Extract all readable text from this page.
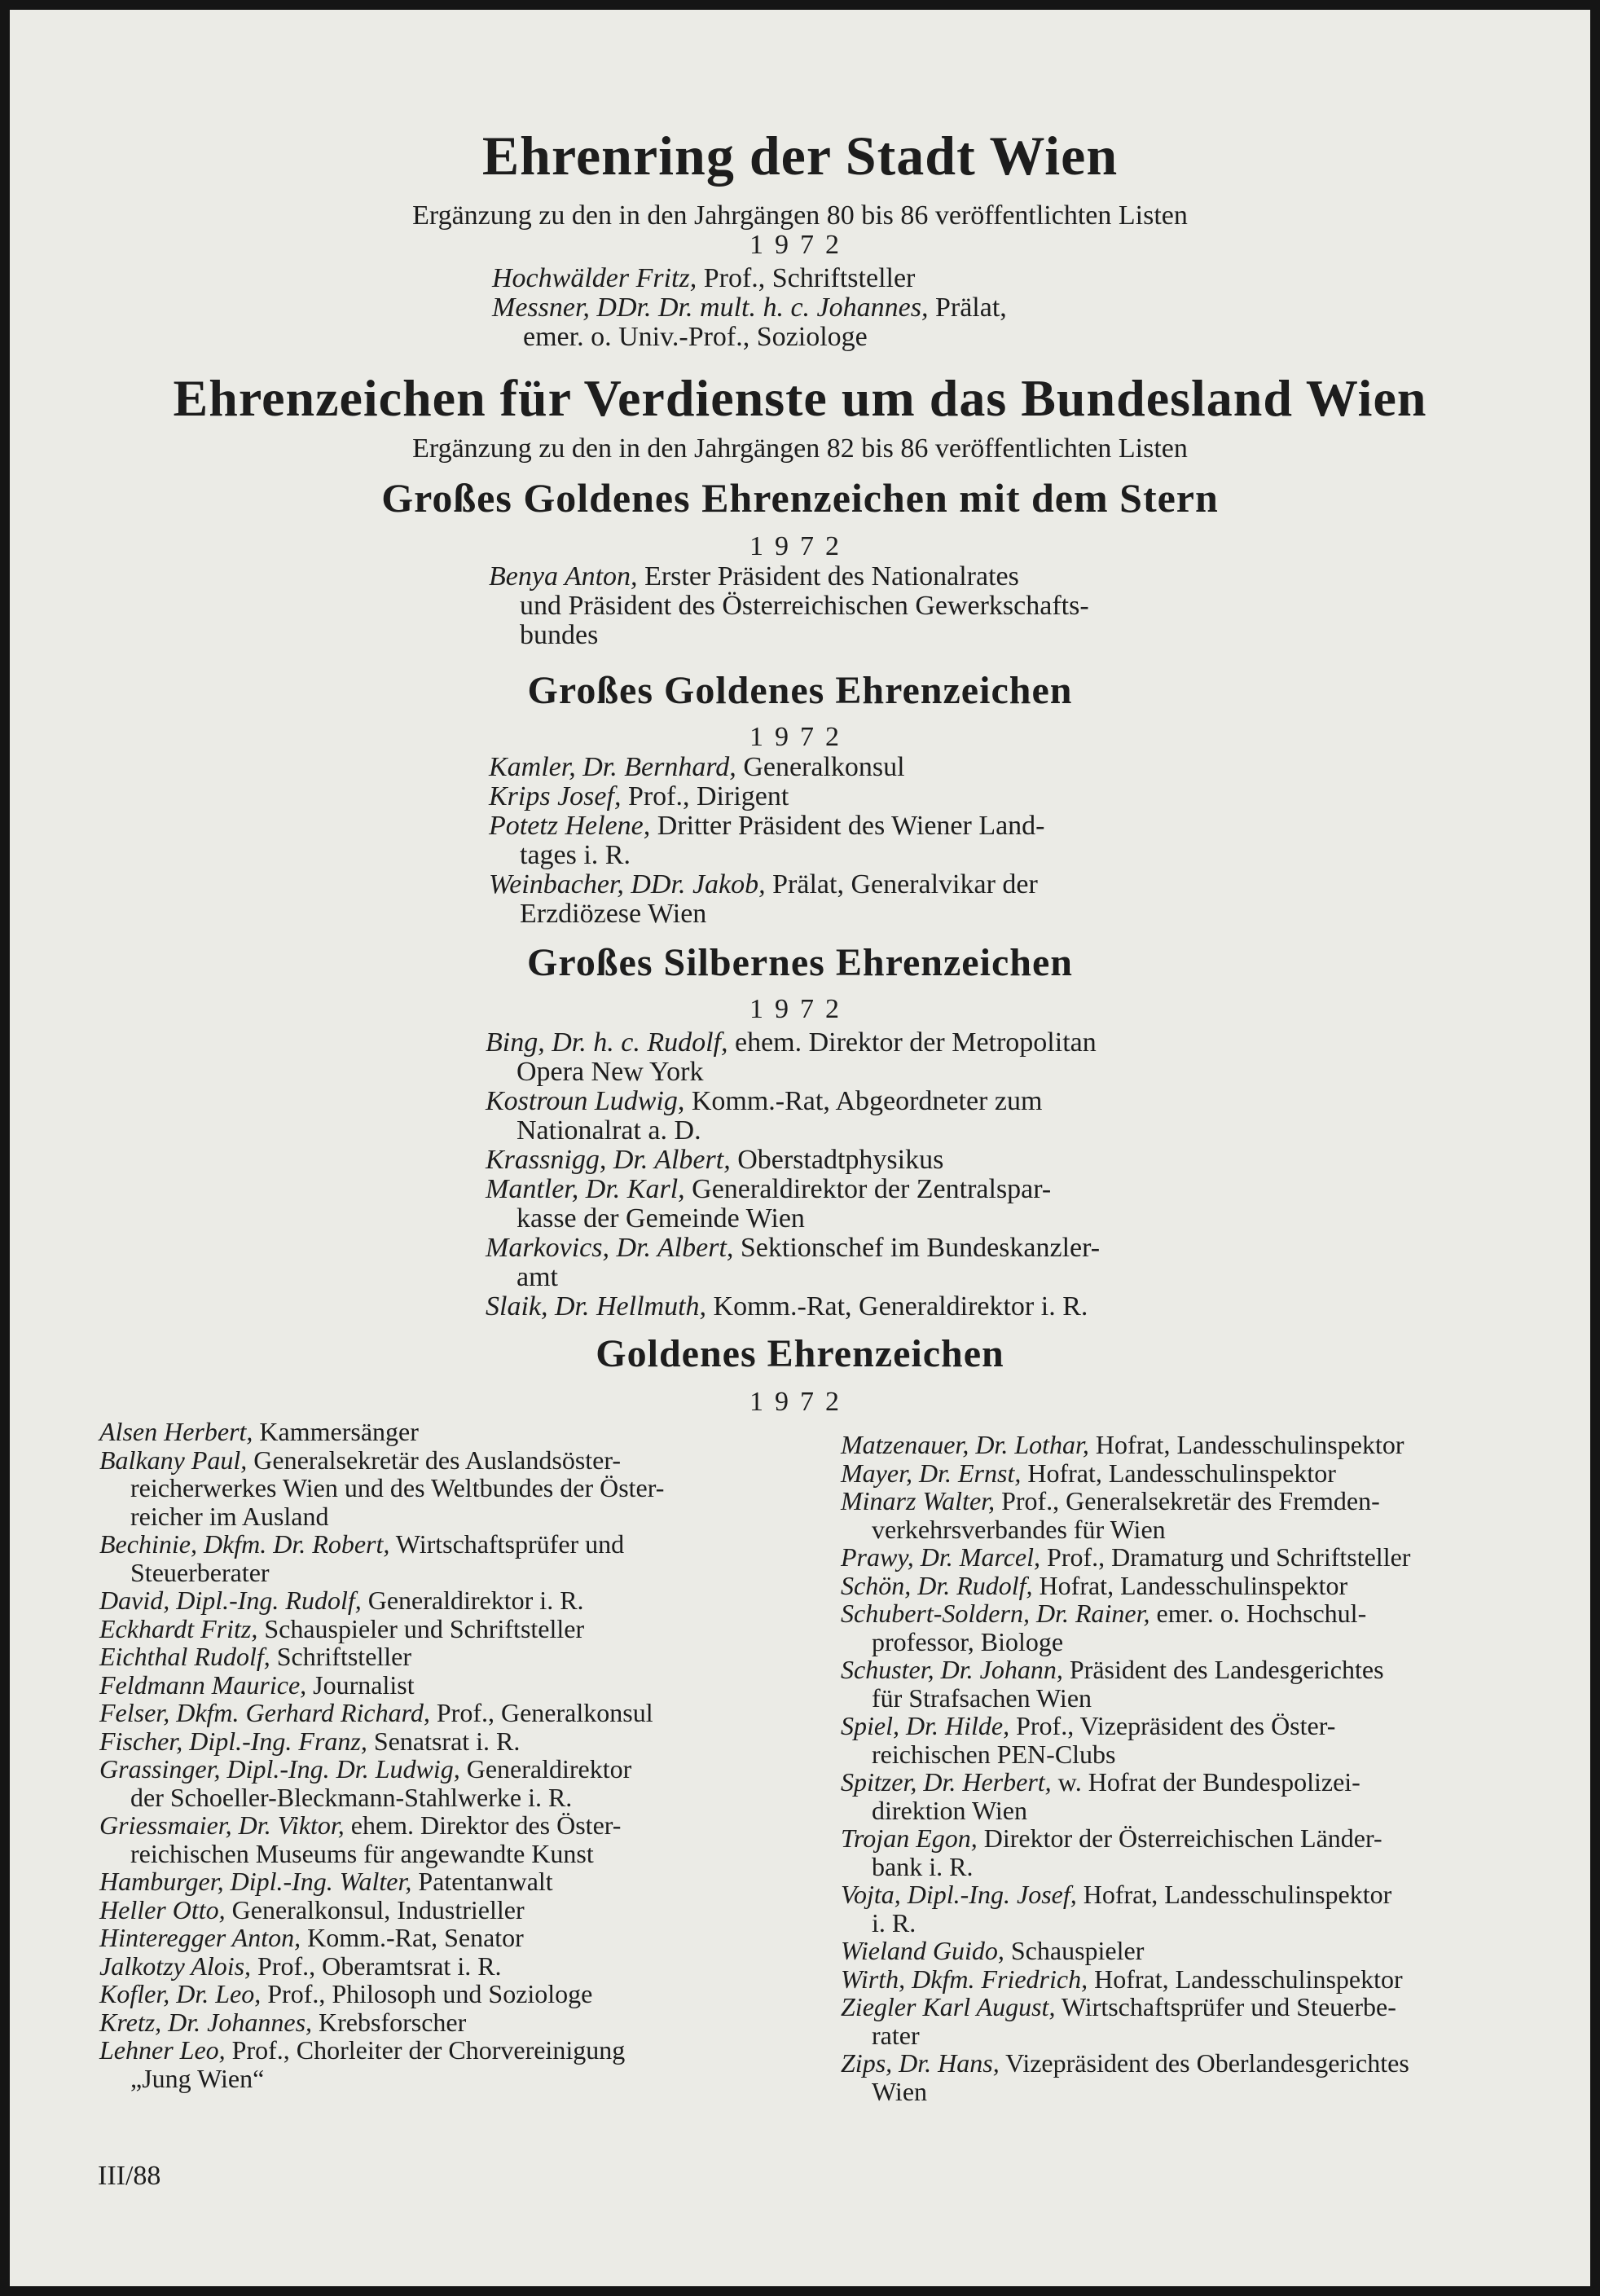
Ehrenring der Stadt Wien
Ergänzung zu den in den Jahrgängen 80 bis 86 veröffentlichten Listen
1972
Hochwälder Fritz, Prof., Schriftsteller
Messner, DDr. Dr. mult. h. c. Johannes, Prälat,
emer. o. Univ.-Prof., Soziologe
Ehrenzeichen für Verdienste um das Bundesland Wien
Ergänzung zu den in den Jahrgängen 82 bis 86 veröffentlichten Listen
Großes Goldenes Ehrenzeichen mit dem Stern
1972
Benya Anton, Erster Präsident des Nationalrates
und Präsident des Österreichischen Gewerkschafts-
bundes
Großes Goldenes Ehrenzeichen
1972
Kamler, Dr. Bernhard, Generalkonsul
Krips Josef, Prof., Dirigent
Potetz Helene, Dritter Präsident des Wiener Land-
tages i. R.
Weinbacher, DDr. Jakob, Prälat, Generalvikar der
Erzdiözese Wien
Großes Silbernes Ehrenzeichen
1972
Bing, Dr. h. c. Rudolf, ehem. Direktor der Metropolitan
Opera New York
Kostroun Ludwig, Komm.-Rat, Abgeordneter zum
Nationalrat a. D.
Krassnigg, Dr. Albert, Oberstadtphysikus
Mantler, Dr. Karl, Generaldirektor der Zentralspar-
kasse der Gemeinde Wien
Markovics, Dr. Albert, Sektionschef im Bundeskanzler-
amt
Slaik, Dr. Hellmuth, Komm.-Rat, Generaldirektor i. R.
Goldenes Ehrenzeichen
1972
Alsen Herbert, Kammersänger
Balkany Paul, Generalsekretär des Auslandsöster-
reicherwerkes Wien und des Weltbundes der Öster-
reicher im Ausland
Bechinie, Dkfm. Dr. Robert, Wirtschaftsprüfer und
Steuerberater
David, Dipl.-Ing. Rudolf, Generaldirektor i. R.
Eckhardt Fritz, Schauspieler und Schriftsteller
Eichthal Rudolf, Schriftsteller
Feldmann Maurice, Journalist
Felser, Dkfm. Gerhard Richard, Prof., Generalkonsul
Fischer, Dipl.-Ing. Franz, Senatsrat i. R.
Grassinger, Dipl.-Ing. Dr. Ludwig, Generaldirektor
der Schoeller-Bleckmann-Stahlwerke i. R.
Griessmaier, Dr. Viktor, ehem. Direktor des Öster-
reichischen Museums für angewandte Kunst
Hamburger, Dipl.-Ing. Walter, Patentanwalt
Heller Otto, Generalkonsul, Industrieller
Hinteregger Anton, Komm.-Rat, Senator
Jalkotzy Alois, Prof., Oberamtsrat i. R.
Kofler, Dr. Leo, Prof., Philosoph und Soziologe
Kretz, Dr. Johannes, Krebsforscher
Lehner Leo, Prof., Chorleiter der Chorvereinigung
„Jung Wien“
Matzenauer, Dr. Lothar, Hofrat, Landesschulinspektor
Mayer, Dr. Ernst, Hofrat, Landesschulinspektor
Minarz Walter, Prof., Generalsekretär des Fremden-
verkehrsverbandes für Wien
Prawy, Dr. Marcel, Prof., Dramaturg und Schriftsteller
Schön, Dr. Rudolf, Hofrat, Landesschulinspektor
Schubert-Soldern, Dr. Rainer, emer. o. Hochschul-
professor, Biologe
Schuster, Dr. Johann, Präsident des Landesgerichtes
für Strafsachen Wien
Spiel, Dr. Hilde, Prof., Vizepräsident des Öster-
reichischen PEN-Clubs
Spitzer, Dr. Herbert, w. Hofrat der Bundespolizei-
direktion Wien
Trojan Egon, Direktor der Österreichischen Länder-
bank i. R.
Vojta, Dipl.-Ing. Josef, Hofrat, Landesschulinspektor
i. R.
Wieland Guido, Schauspieler
Wirth, Dkfm. Friedrich, Hofrat, Landesschulinspektor
Ziegler Karl August, Wirtschaftsprüfer und Steuerbe-
rater
Zips, Dr. Hans, Vizepräsident des Oberlandesgerichtes
Wien
III/88
